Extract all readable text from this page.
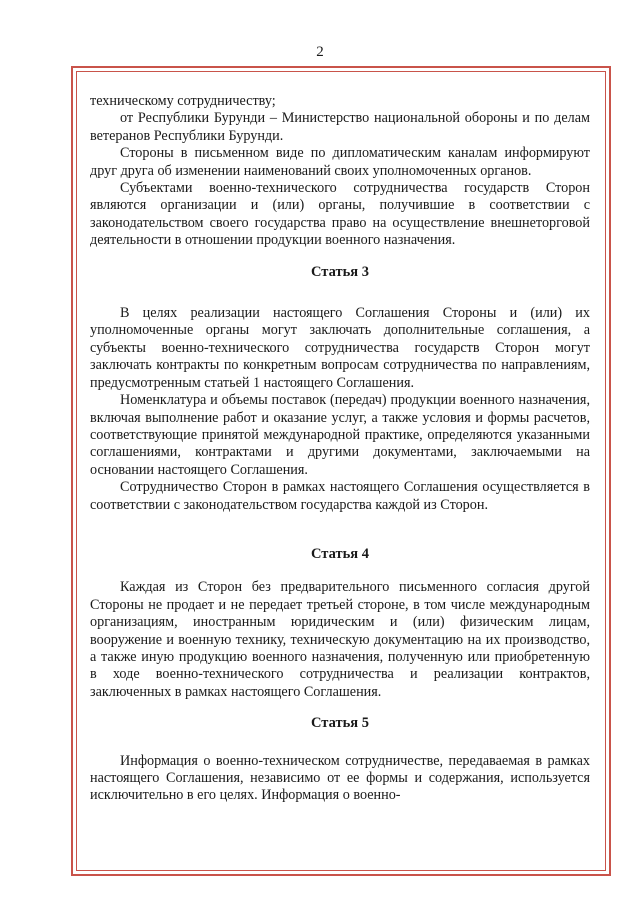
2

техническому сотрудничеству;

от Республики Бурунди – Министерство национальной обороны и по делам ветеранов Республики Бурунди.

Стороны в письменном виде по дипломатическим каналам информируют друг друга об изменении наименований своих уполномоченных органов.

Субъектами военно-технического сотрудничества государств Сторон являются организации и (или) органы, получившие в соответствии с законодательством своего государства право на осуществление внешнеторговой деятельности в отношении продукции военного назначения.

Статья 3

В целях реализации настоящего Соглашения Стороны и (или) их уполномоченные органы могут заключать дополнительные соглашения, а субъекты военно-технического сотрудничества государств Сторон могут заключать контракты по конкретным вопросам сотрудничества по направлениям, предусмотренным статьей 1 настоящего Соглашения.

Номенклатура и объемы поставок (передач) продукции военного назначения, включая выполнение работ и оказание услуг, а также условия и формы расчетов, соответствующие принятой международной практике, определяются указанными соглашениями, контрактами и другими документами, заключаемыми на основании настоящего Соглашения.

Сотрудничество Сторон в рамках настоящего Соглашения осуществляется в соответствии с законодательством государства каждой из Сторон.

Статья 4

Каждая из Сторон без предварительного письменного согласия другой Стороны не продает и не передает третьей стороне, в том числе международным организациям, иностранным юридическим и (или) физическим лицам, вооружение и военную технику, техническую документацию на их производство, а также иную продукцию военного назначения, полученную или приобретенную в ходе военно-технического сотрудничества и реализации контрактов, заключенных в рамках настоящего Соглашения.

Статья 5

Информация о военно-техническом сотрудничестве, передаваемая в рамках настоящего Соглашения, независимо от ее формы и содержания, используется исключительно в его целях. Информация о военно-
